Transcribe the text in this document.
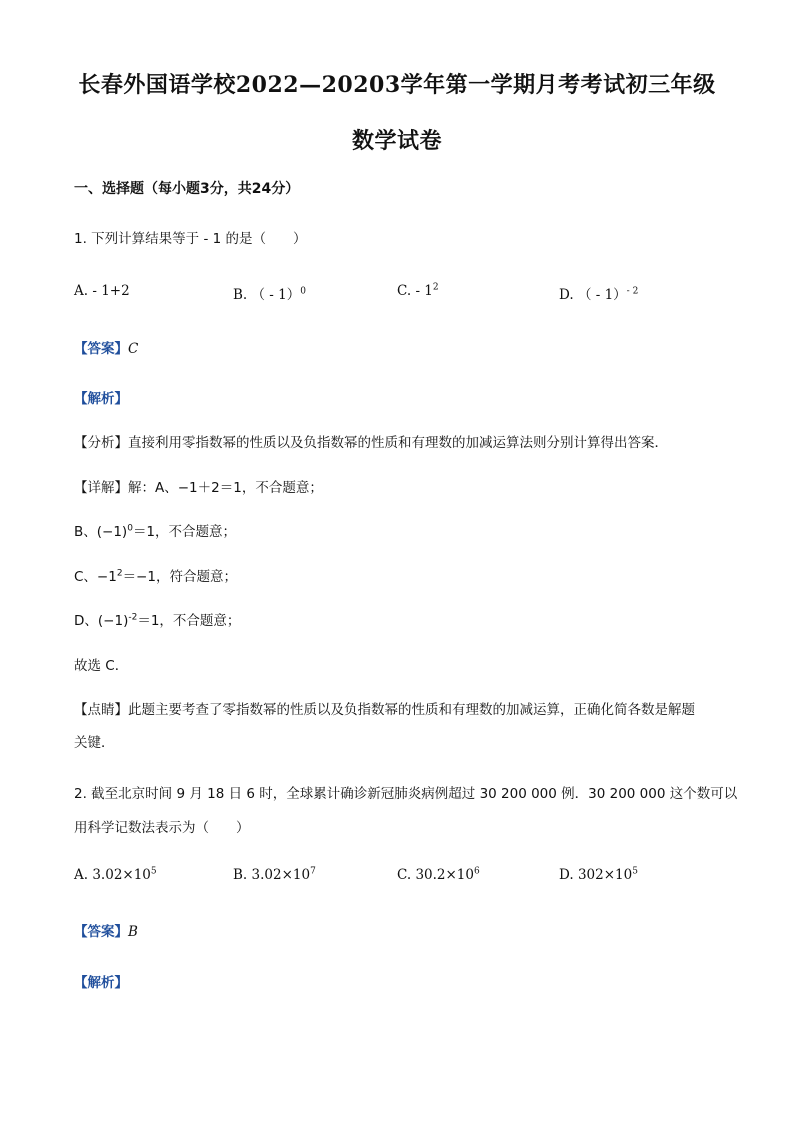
长春外国语学校2022—20203学年第一学期月考考试初三年级
数学试卷
一、选择题（每小题3分，共24分）
1. 下列计算结果等于 - 1 的是（　　）
A. - 1+2	B. （ - 1）$^0$	C. - $1^2$	D. （ - 1）$^{- 2}$
【答案】C
【解析】
【分析】直接利用零指数幂的性质以及负指数幂的性质和有理数的加减运算法则分别计算得出答案．
【详解】解：A、−1＋2＝1，不合题意；
B、$(-1)^0=1$，不合题意；
C、$-1^2=-1$，符合题意；
D、$(-1)^{-2}=1$，不合题意；
故选 C．
【点睛】此题主要考查了零指数幂的性质以及负指数幂的性质和有理数的加减运算，正确化简各数是解题
关键．
2. 截至北京时间 9 月 18 日 6 时，全球累计确诊新冠肺炎病例超过 30 200 000 例．30 200 000 这个数可以
用科学记数法表示为（　　）
A. $3.02\times 10^5$	B. $3.02\times 10^7$	C. $30.2\times 10^6$	D. $302\times 10^5$
【答案】B
【解析】
